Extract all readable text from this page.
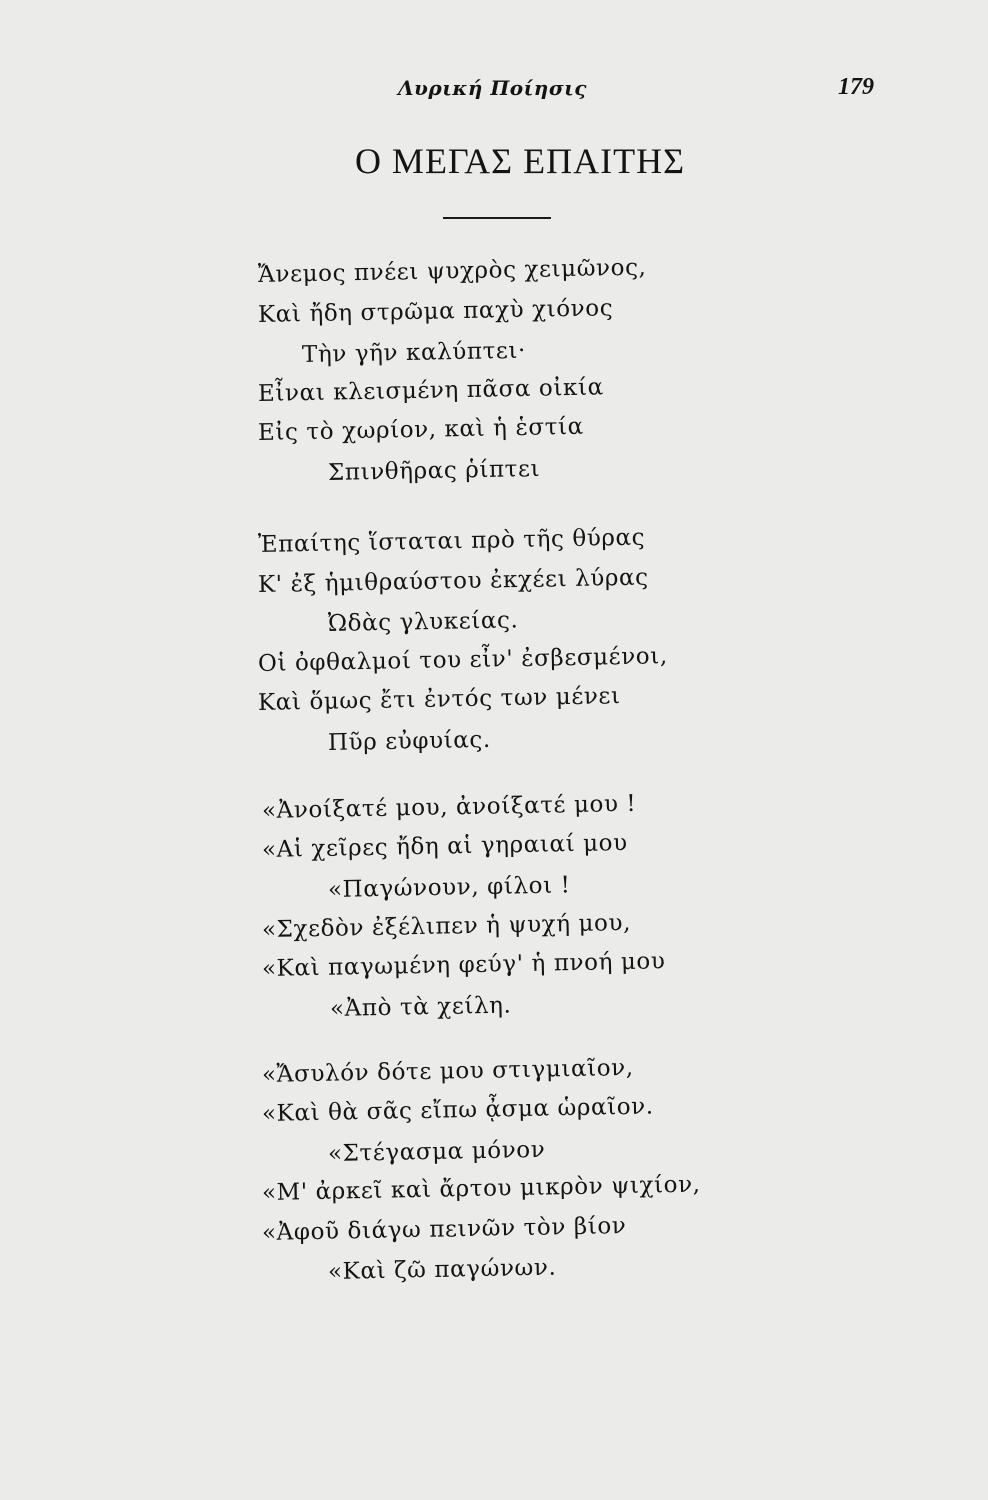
Λυρική Ποίησις	179
Ο ΜΕΓΑΣ ΕΠΑΙΤΗΣ
Ἄνεμος πνέει ψυχρὸς χειμῶνος,
Καὶ ἤδη στρῶμα παχὺ χιόνος
Τὴν γῆν καλύπτει·
Εἶναι κλεισμένη πᾶσα οἰκία
Εἰς τὸ χωρίον, καὶ ἡ ἑστία
Σπινθῆρας ῥίπτει
Ἐπαίτης ἵσταται πρὸ τῆς θύρας
Κ' ἐξ ἡμιθραύστου ἐκχέει λύρας
Ὠδὰς γλυκείας.
Οἱ ὀφθαλμοί του εἶν' ἐσβεσμένοι,
Καὶ ὅμως ἔτι ἐντός των μένει
Πῦρ εὐφυίας.
«Ἀνοίξατέ μου, ἀνοίξατέ μου !
«Αἱ χεῖρες ἤδη αἱ γηραιαί μου
«Παγώνουν, φίλοι !
«Σχεδὸν ἐξέλιπεν ἡ ψυχή μου,
«Καὶ παγωμένη φεύγ' ἡ πνοή μου
«Ἀπὸ τὰ χείλη.
«Ἄσυλόν δότε μου στιγμιαῖον,
«Καὶ θὰ σᾶς εἴπω ᾆσμα ὡραῖον.
«Στέγασμα μόνον
«Μ' ἀρκεῖ καὶ ἄρτου μικρὸν ψιχίον,
«Ἀφοῦ διάγω πεινῶν τὸν βίον
«Καὶ ζῶ παγώνων.
